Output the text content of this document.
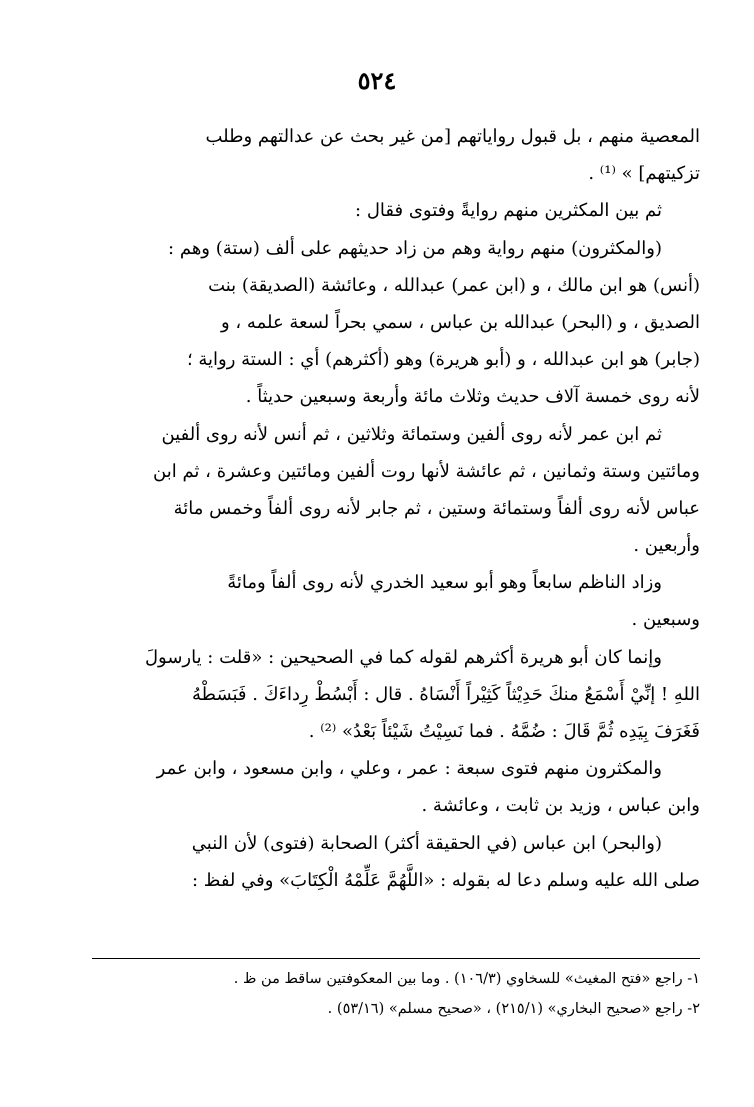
٥٢٤
المعصية منهم ، بل قبول رواياتهم [من غير بحث عن عدالتهم وطلب
تزكيتهم] » ⁽¹⁾ .
ثم بين المكثرين منهم روايةً وفتوى فقال :
(والمكثرون) منهم رواية وهم من زاد حديثهم على ألف (ستة) وهم :
(أنس) هو ابن مالك ، و (ابن عمر) عبدالله ، وعائشة (الصديقة) بنت
الصديق ، و (البحر) عبدالله بن عباس ، سمي بحراً لسعة علمه ، و
(جابر) هو ابن عبدالله ، و (أبو هريرة) وهو (أكثرهم) أي : الستة رواية ؛
لأنه روى خمسة آلاف حديث وثلاث مائة وأربعة وسبعين حديثاً .
ثم ابن عمر لأنه روى ألفين وستمائة وثلاثين ، ثم أنس لأنه روى ألفين
ومائتين وستة وثمانين ، ثم عائشة لأنها روت ألفين ومائتين وعشرة ، ثم ابن
عباس لأنه روى ألفاً وستمائة وستين ، ثم جابر لأنه روى ألفاً وخمس مائة
وأربعين .
وزاد الناظم سابعاً وهو أبو سعيد الخدري لأنه روى ألفاً ومائةً
وسبعين .
وإنما كان أبو هريرة أكثرهم لقوله كما في الصحيحين : «قلت : يارسولَ
اللهِ ! إنِّيْ أَسْمَعُ منكَ حَدِيْثاً كَثِيْراً أَنْسَاهُ . قال : أَبْسُطْ رِداءَكَ . فَبَسَطْهُ
فَغَرَفَ بِيَدِه ثُمَّ قَالَ : ضُمَّهُ . فما نَسِيْتُ شَيْئاً بَعْدُ» ⁽²⁾ .
والمكثرون منهم فتوى سبعة : عمر ، وعلي ، وابن مسعود ، وابن عمر
وابن عباس ، وزيد بن ثابت ، وعائشة .
(والبحر) ابن عباس (في الحقيقة أكثر) الصحابة (فتوى) لأن النبي
صلى الله عليه وسلم دعا له بقوله : «اللَّهُمَّ عَلِّمْهُ الْكِتَابَ» وفي لفظ :
١- راجع «فتح المغيث» للسخاوي (١٠٦/٣) . وما بين المعكوفتين ساقط من ظ .
٢- راجع «صحيح البخاري» (٢١٥/١) ، «صحيح مسلم» (٥٣/١٦) .
